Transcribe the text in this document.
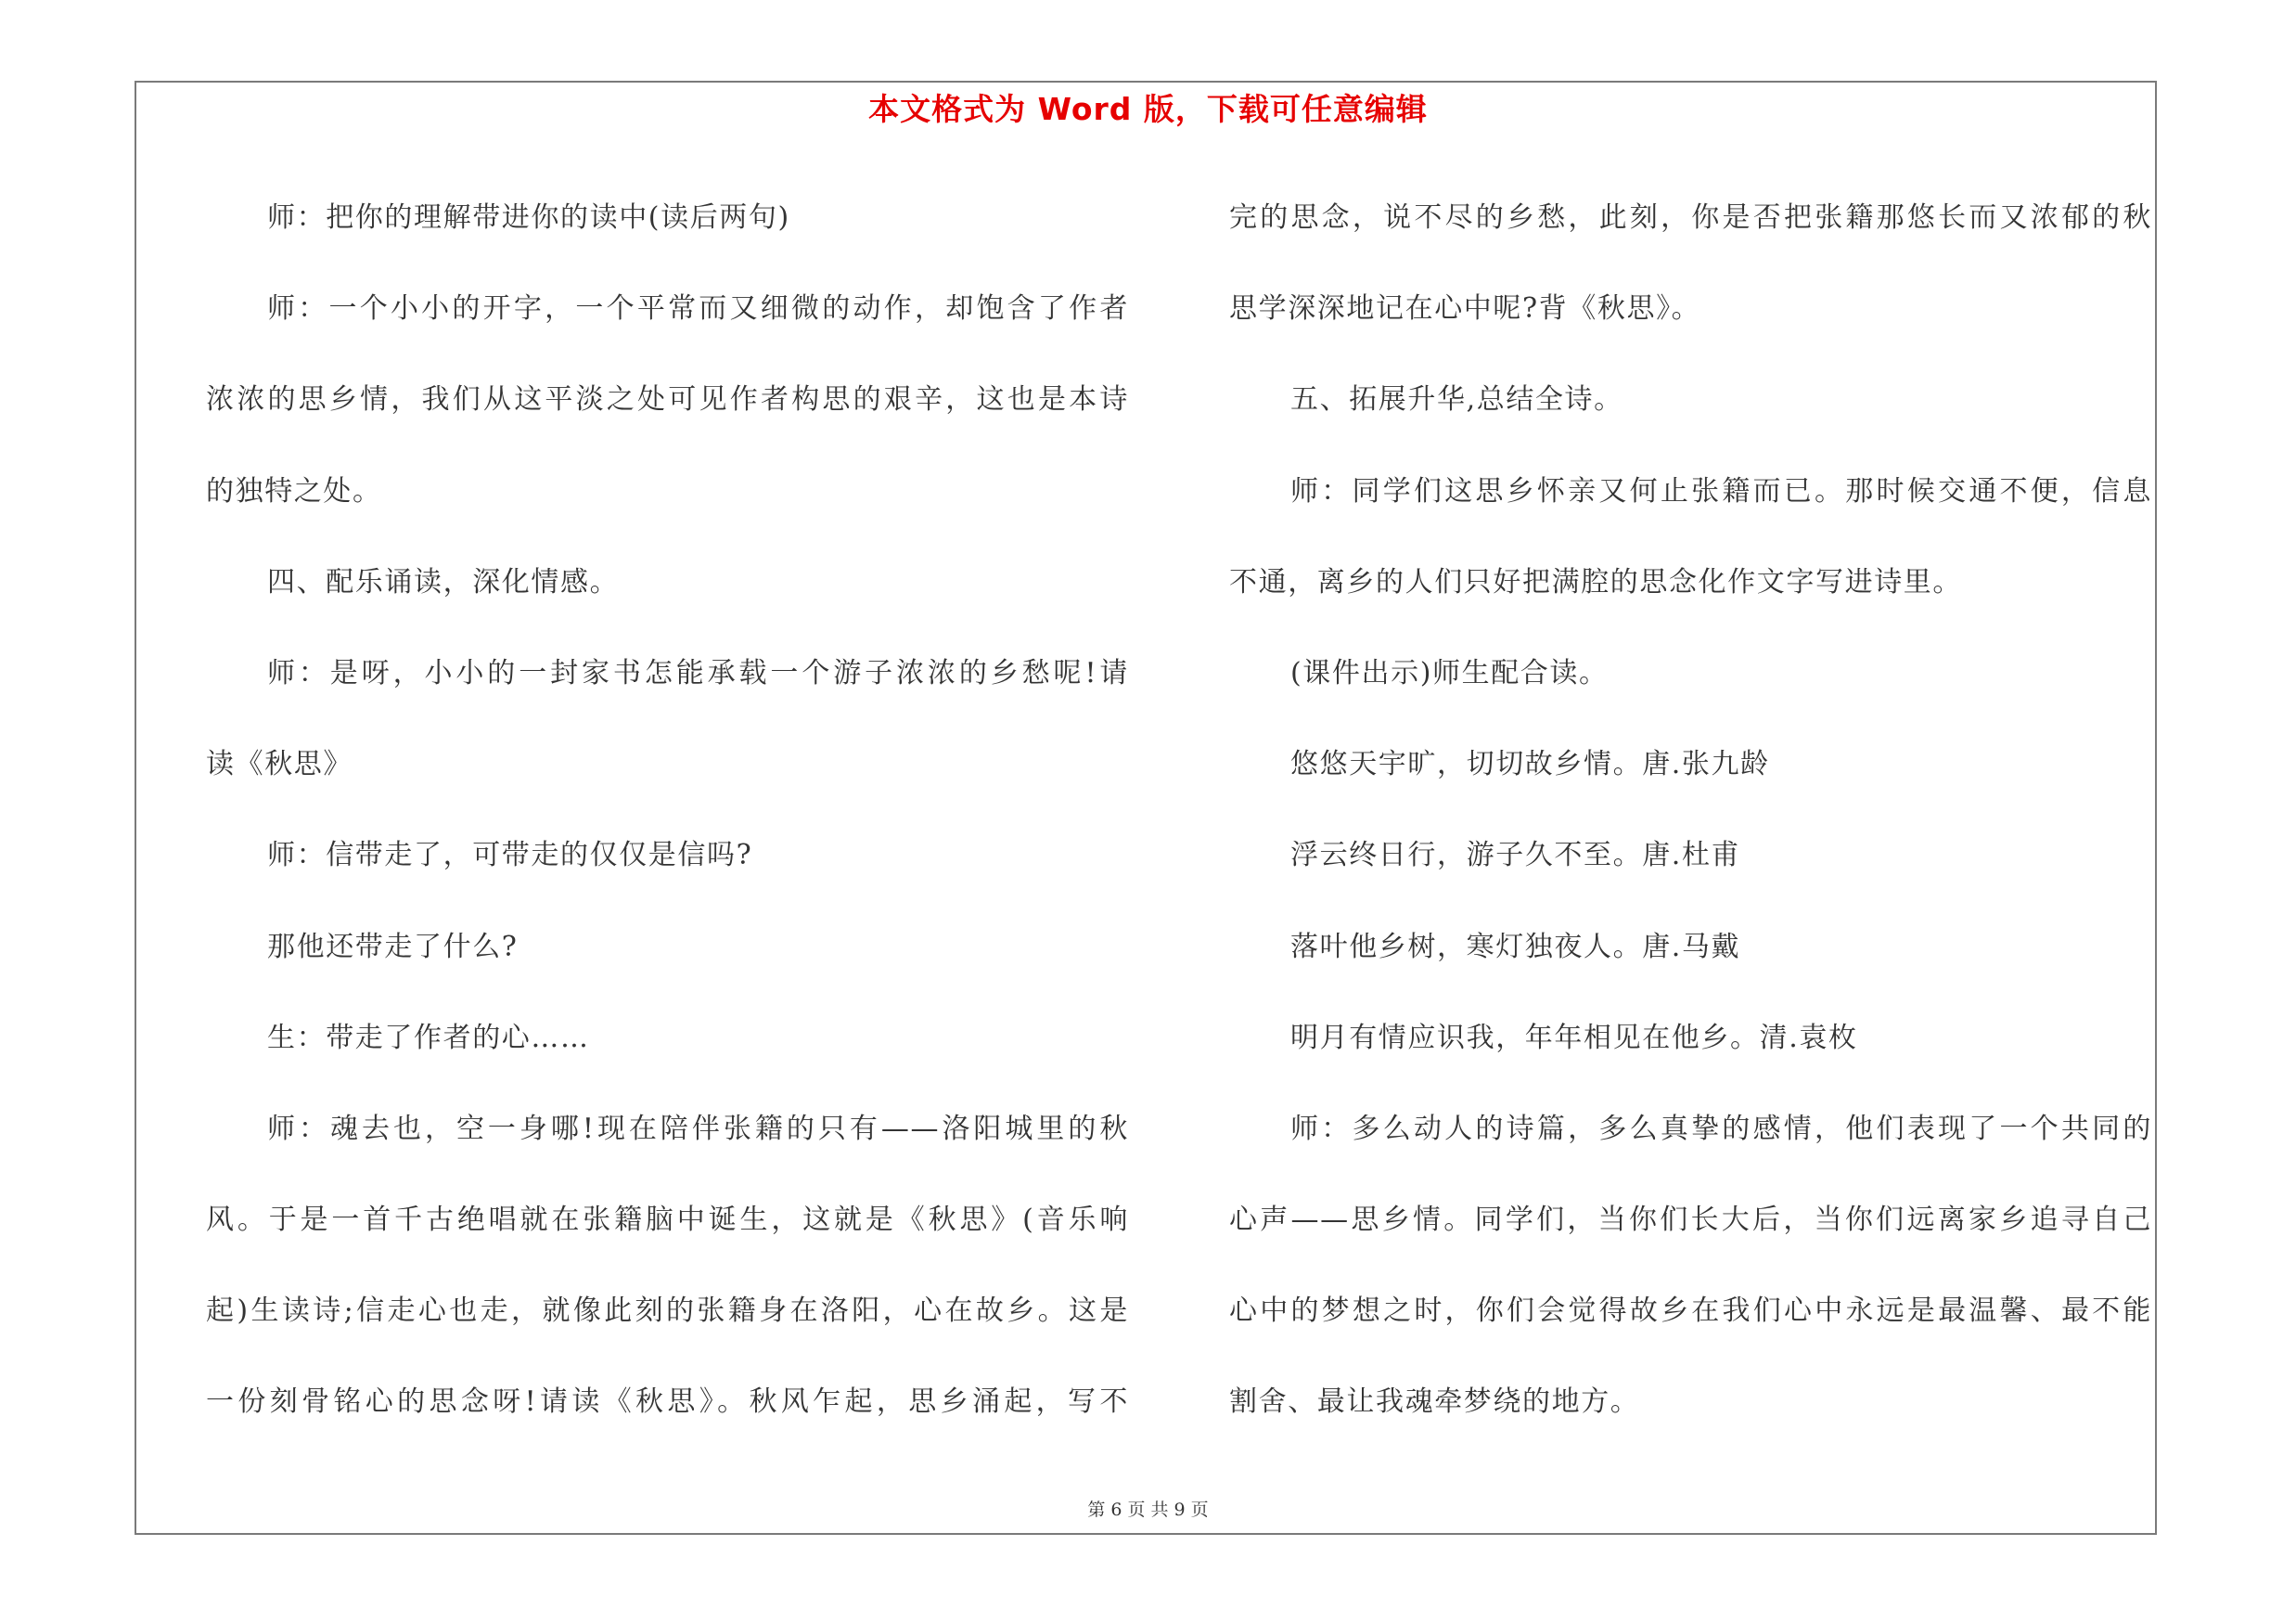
本文格式为 Word 版，下载可任意编辑
师：把你的理解带进你的读中(读后两句)
师：一个小小的开字，一个平常而又细微的动作，却饱含了作者
浓浓的思乡情，我们从这平淡之处可见作者构思的艰辛，这也是本诗
的独特之处。
四、配乐诵读，深化情感。
师：是呀，小小的一封家书怎能承载一个游子浓浓的乡愁呢!请
读《秋思》
师：信带走了，可带走的仅仅是信吗?
那他还带走了什么?
生：带走了作者的心……
师：魂去也，空一身哪!现在陪伴张籍的只有——洛阳城里的秋
风。于是一首千古绝唱就在张籍脑中诞生，这就是《秋思》(音乐响
起)生读诗;信走心也走，就像此刻的张籍身在洛阳，心在故乡。这是
一份刻骨铭心的思念呀!请读《秋思》。秋风乍起，思乡涌起，写不
完的思念，说不尽的乡愁，此刻，你是否把张籍那悠长而又浓郁的秋
思学深深地记在心中呢?背《秋思》。
五、拓展升华,总结全诗。
师：同学们这思乡怀亲又何止张籍而已。那时候交通不便，信息
不通，离乡的人们只好把满腔的思念化作文字写进诗里。
(课件出示)师生配合读。
悠悠天宇旷，切切故乡情。唐.张九龄
浮云终日行，游子久不至。唐.杜甫
落叶他乡树，寒灯独夜人。唐.马戴
明月有情应识我，年年相见在他乡。清.袁枚
师：多么动人的诗篇，多么真挚的感情，他们表现了一个共同的
心声——思乡情。同学们，当你们长大后，当你们远离家乡追寻自己
心中的梦想之时，你们会觉得故乡在我们心中永远是最温馨、最不能
割舍、最让我魂牵梦绕的地方。
第 6 页 共 9 页
